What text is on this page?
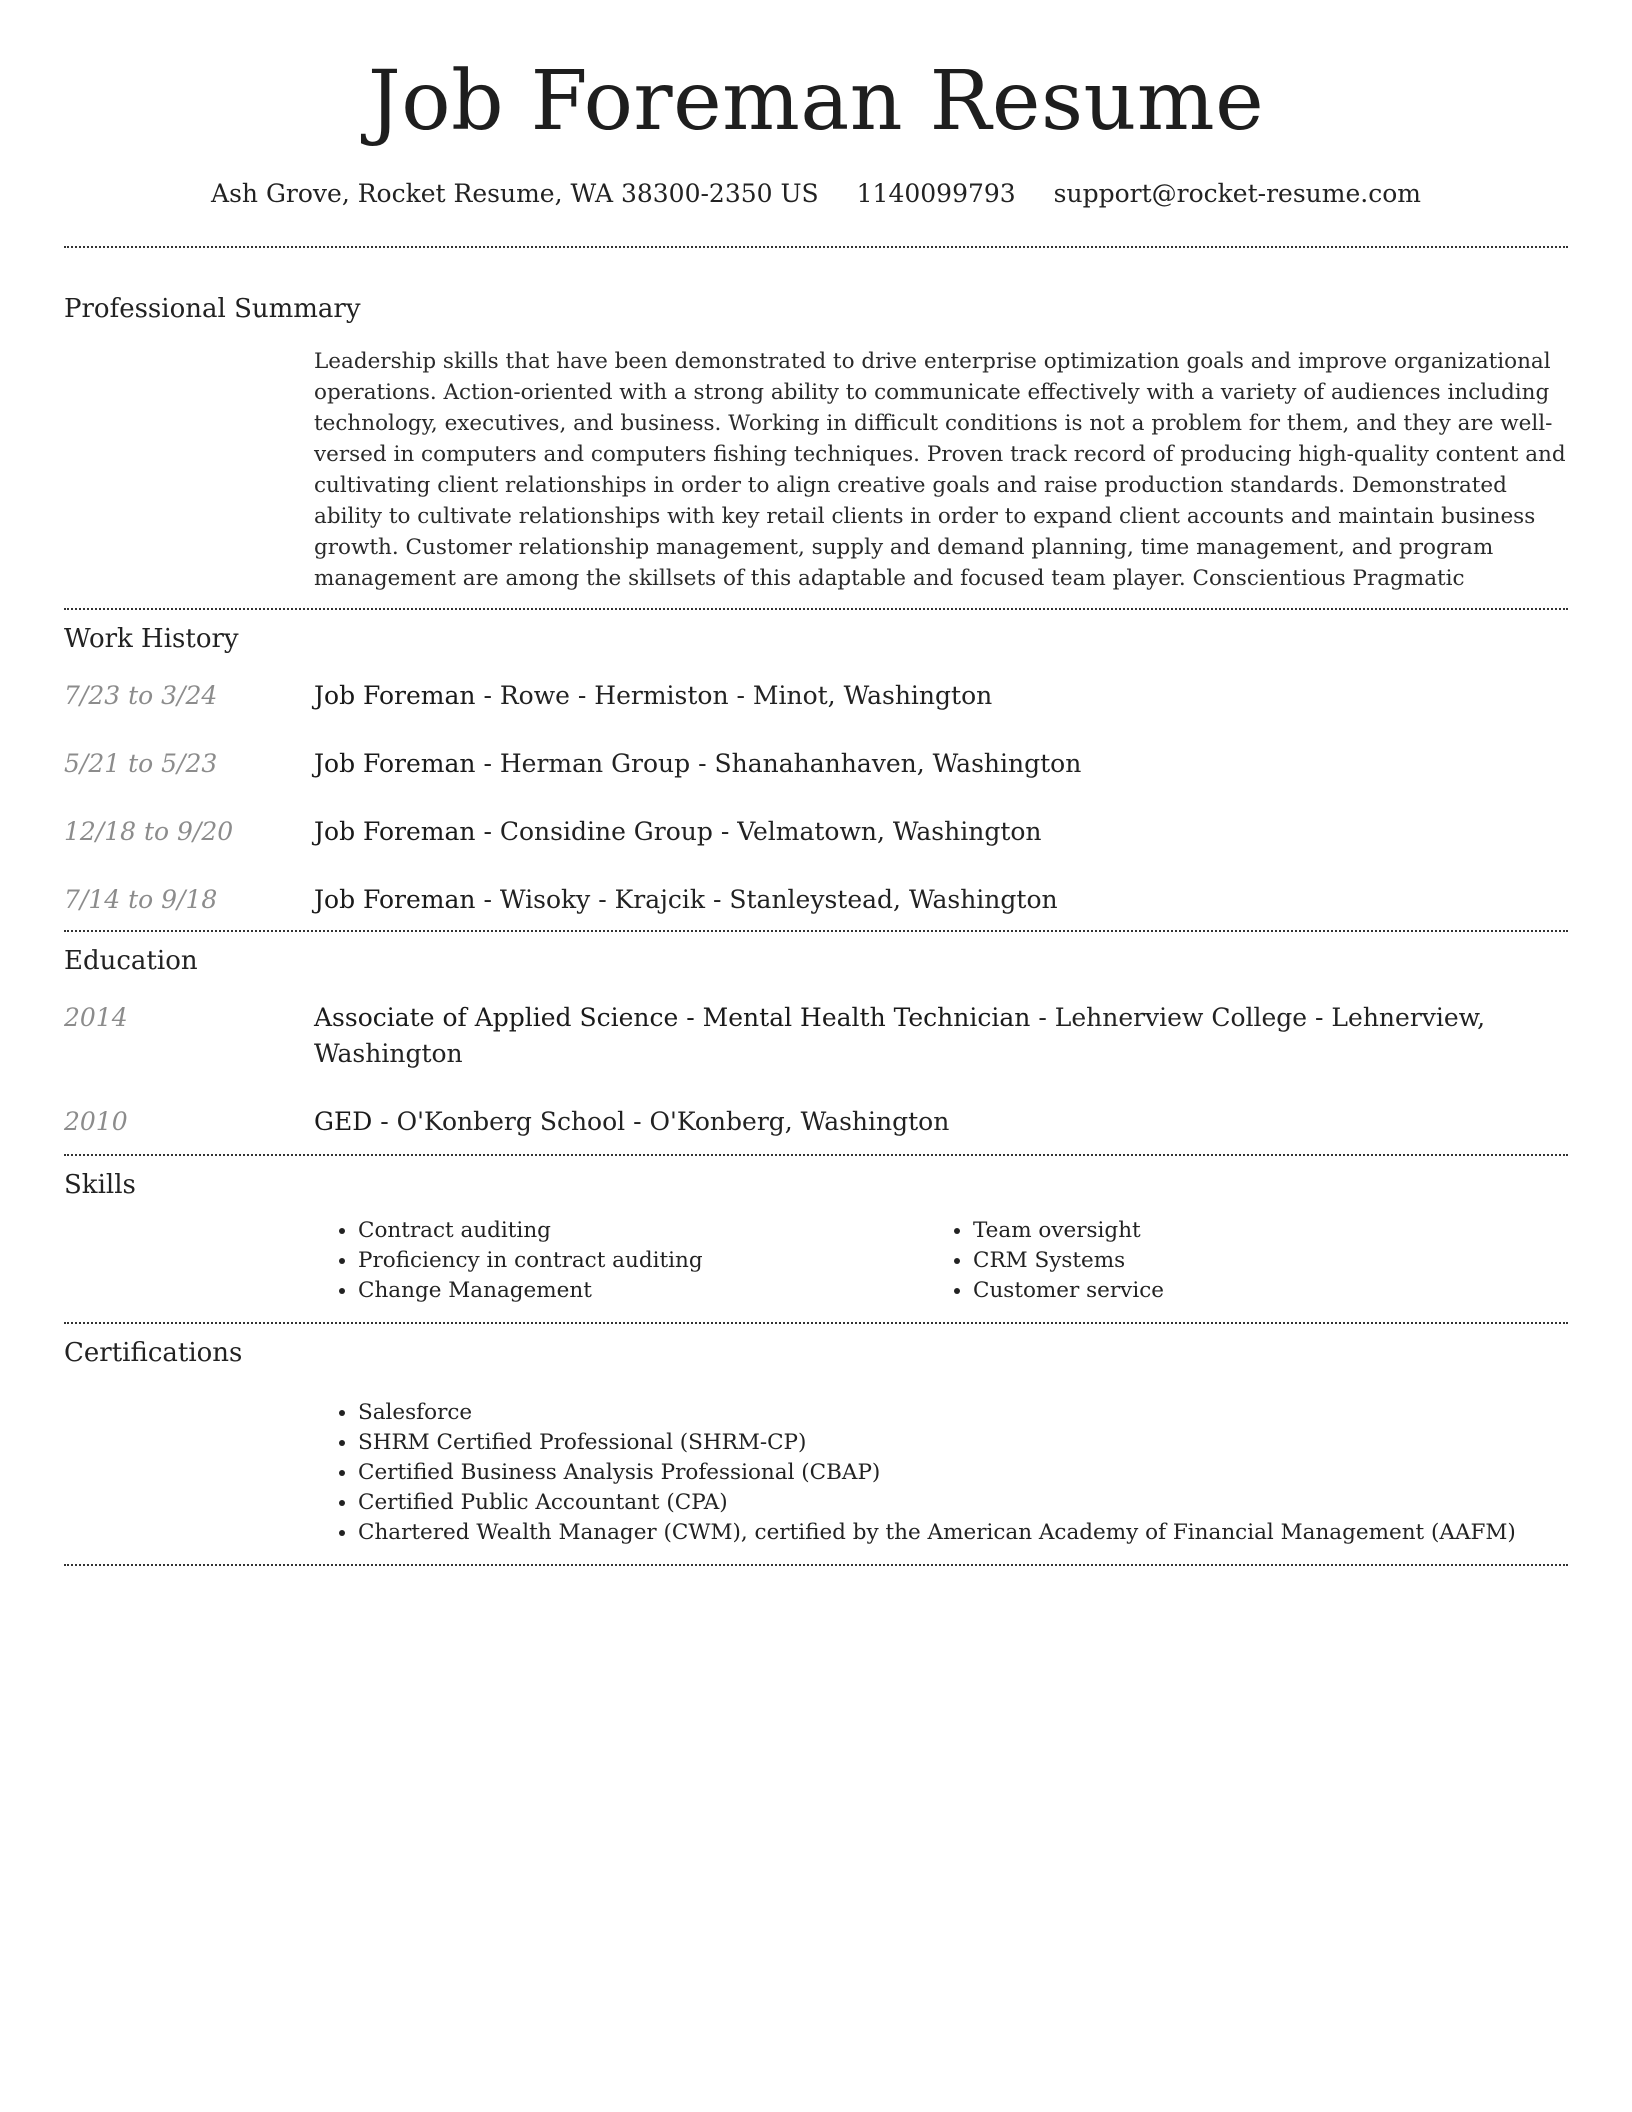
Job Foreman Resume
Ash Grove, Rocket Resume, WA 38300-2350 US 1140099793 support@rocket-resume.com
Professional Summary
Leadership skills that have been demonstrated to drive enterprise optimization goals and improve organizational operations. Action-oriented with a strong ability to communicate effectively with a variety of audiences including technology, executives, and business. Working in difficult conditions is not a problem for them, and they are well-versed in computers and computers fishing techniques. Proven track record of producing high-quality content and cultivating client relationships in order to align creative goals and raise production standards. Demonstrated ability to cultivate relationships with key retail clients in order to expand client accounts and maintain business growth. Customer relationship management, supply and demand planning, time management, and program management are among the skillsets of this adaptable and focused team player. Conscientious Pragmatic
Work History
7/23 to 3/24	Job Foreman - Rowe - Hermiston - Minot, Washington
5/21 to 5/23	Job Foreman - Herman Group - Shanahanhaven, Washington
12/18 to 9/20	Job Foreman - Considine Group - Velmatown, Washington
7/14 to 9/18	Job Foreman - Wisoky - Krajcik - Stanleystead, Washington
Education
2014	Associate of Applied Science - Mental Health Technician - Lehnerview College - Lehnerview, Washington
2010	GED - O'Konberg School - O'Konberg, Washington
Skills
• Contract auditing
• Proficiency in contract auditing
• Change Management
• Team oversight
• CRM Systems
• Customer service
Certifications
• Salesforce
• SHRM Certified Professional (SHRM-CP)
• Certified Business Analysis Professional (CBAP)
• Certified Public Accountant (CPA)
• Chartered Wealth Manager (CWM), certified by the American Academy of Financial Management (AAFM)
